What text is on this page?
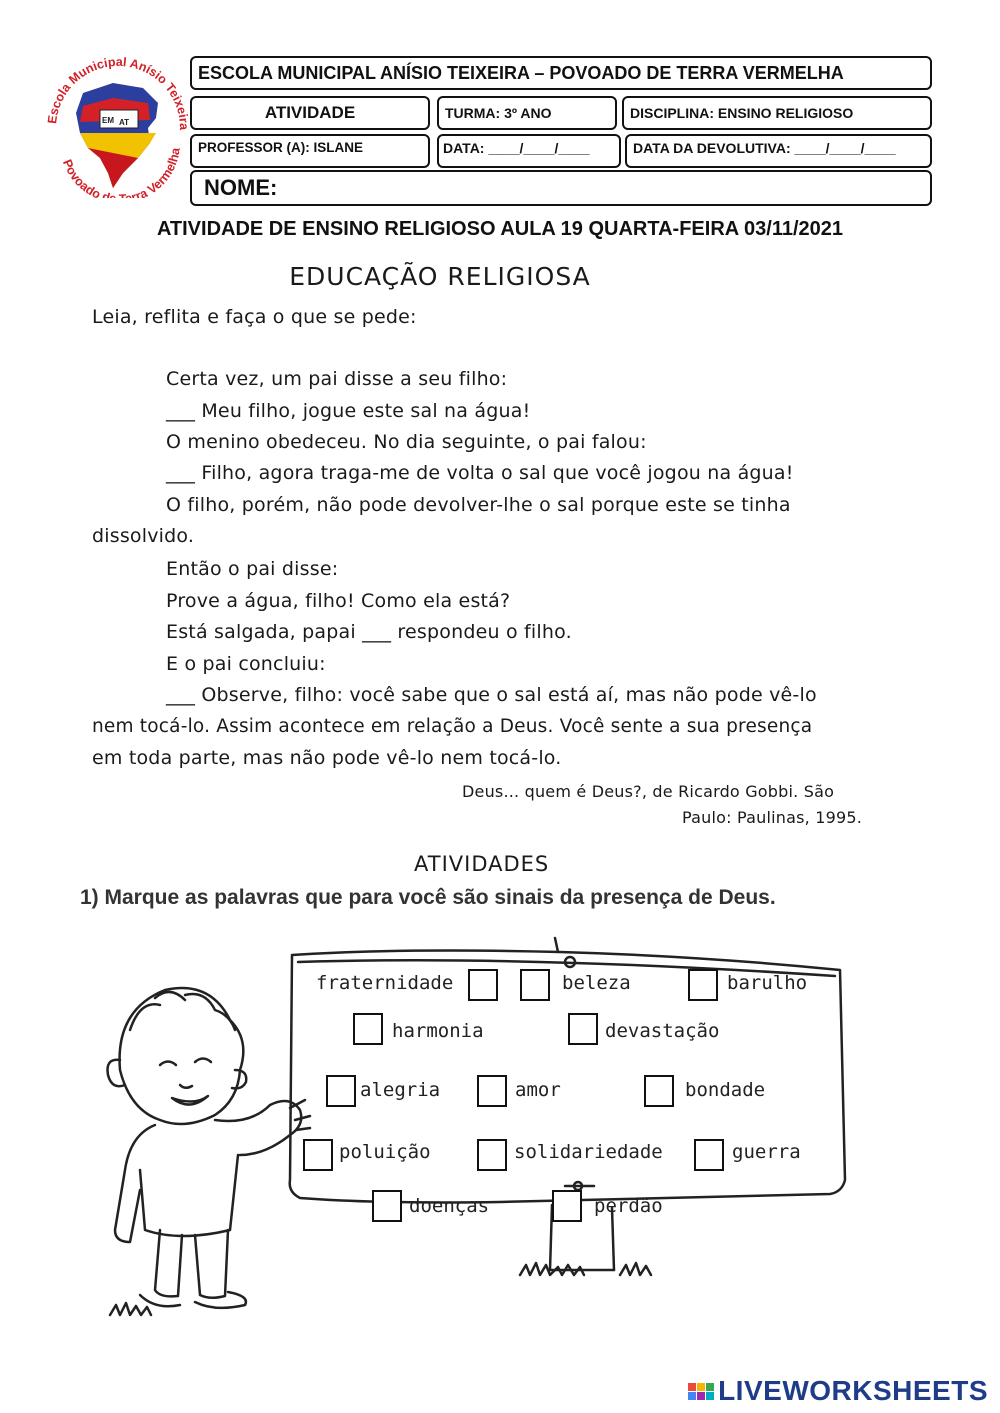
Escola Municipal Anísio Teixeira
Povoado d rra Vermelha
EM AT
ESCOLA MUNICIPAL ANÍSIO TEIXEIRA – POVOADO DE TERRA VERMELHA
ATIVIDADE	TURMA: 3º ANO	DISCIPLINA: ENSINO RELIGIOSO
PROFESSOR (A): ISLANE	DATA: ____/____/____	DATA DA DEVOLUTIVA: ____/____/____
NOME:
ATIVIDADE DE ENSINO RELIGIOSO AULA 19 QUARTA-FEIRA 03/11/2021
EDUCAÇÃO RELIGIOSA
Leia, reflita e faça o que se pede:
Certa vez, um pai disse a seu filho:
___ Meu filho, jogue este sal na água!
O menino obedeceu. No dia seguinte, o pai falou:
___ Filho, agora traga-me de volta o sal que você jogou na água!
O filho, porém, não pode devolver-lhe o sal porque este se tinha
dissolvido.
Então o pai disse:
Prove a água, filho! Como ela está?
Está salgada, papai ___ respondeu o filho.
E o pai concluiu:
___ Observe, filho: você sabe que o sal está aí, mas não pode vê-lo
nem tocá-lo. Assim acontece em relação a Deus. Você sente a sua presença
em toda parte, mas não pode vê-lo nem tocá-lo.
Deus... quem é Deus?, de Ricardo Gobbi. São
Paulo: Paulinas, 1995.
ATIVIDADES
1) Marque as palavras que para você são sinais da presença de Deus.
fraternidade	beleza	barulho
harmonia	devastação
alegria	amor	bondade
poluição	solidariedade	guerra
doenças	perdão
LIVEWORKSHEETS
